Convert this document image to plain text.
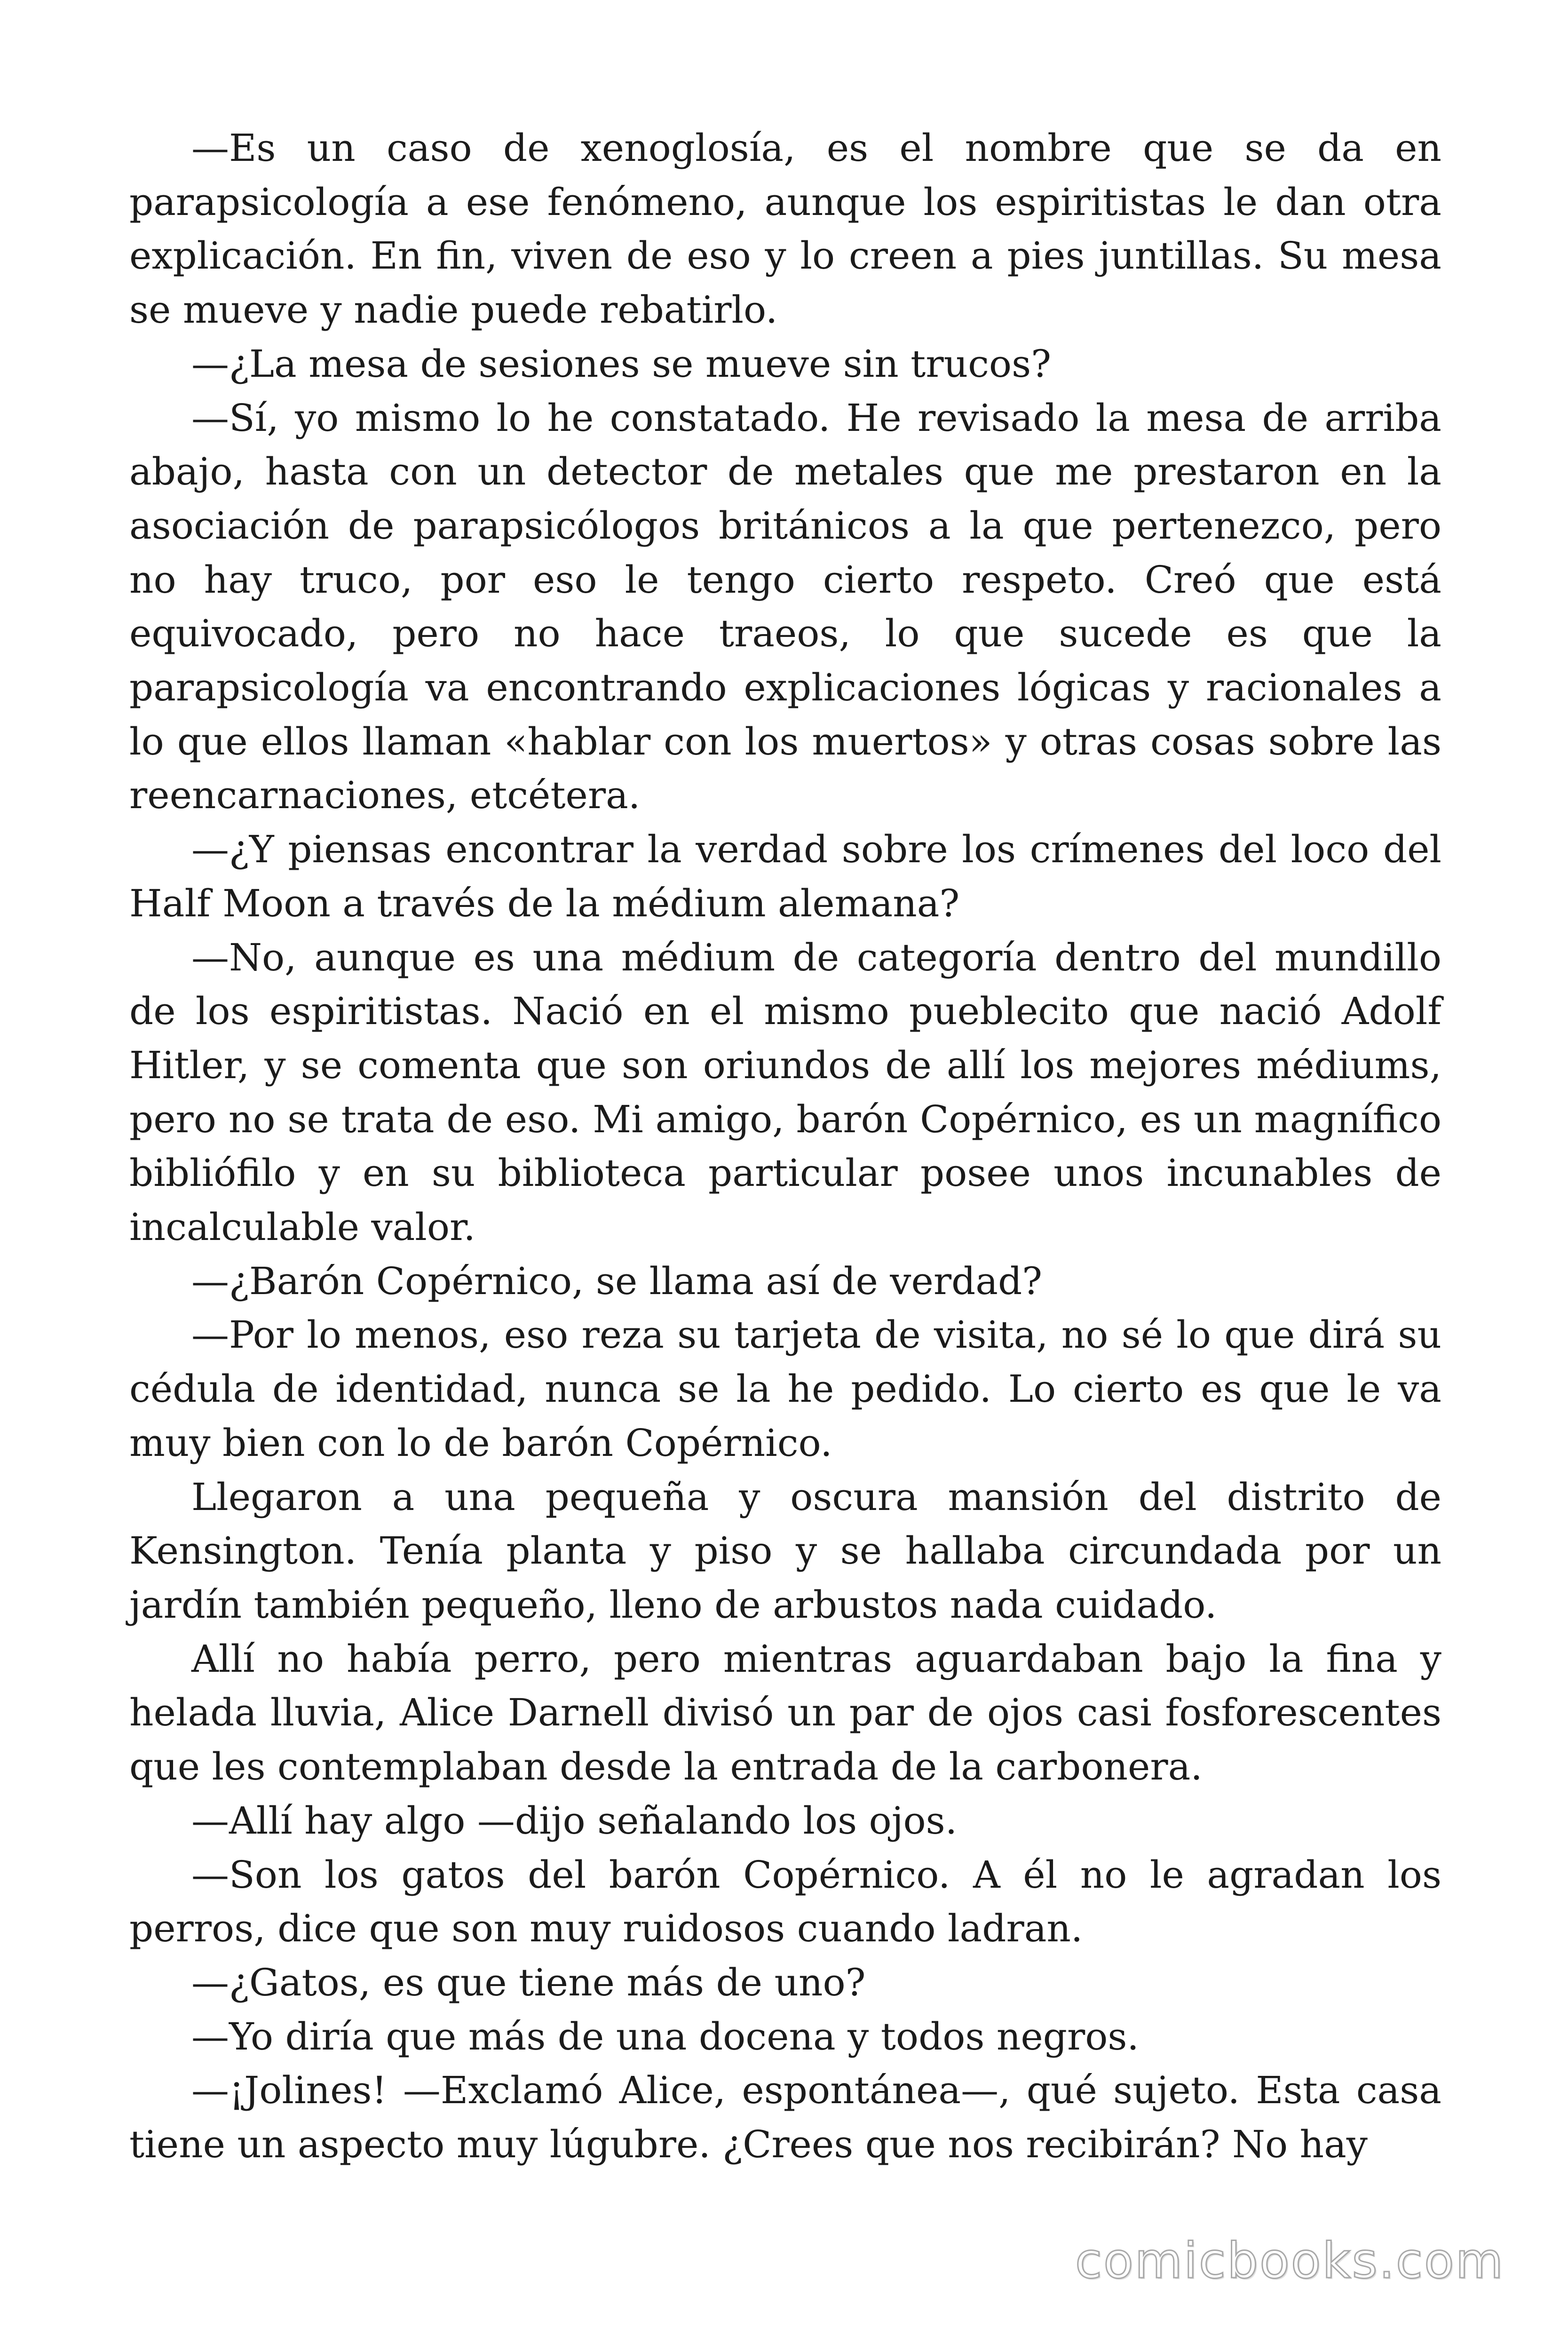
—Es un caso de xenoglosía, es el nombre que se da en parapsicología a ese fenómeno, aunque los espiritistas le dan otra explicación. En fin, viven de eso y lo creen a pies juntillas. Su mesa se mueve y nadie puede rebatirlo.

—¿La mesa de sesiones se mueve sin trucos?

—Sí, yo mismo lo he constatado. He revisado la mesa de arriba abajo, hasta con un detector de metales que me prestaron en la asociación de parapsicólogos británicos a la que pertenezco, pero no hay truco, por eso le tengo cierto respeto. Creó que está equivocado, pero no hace traeos, lo que sucede es que la parapsicología va encontrando explicaciones lógicas y racionales a lo que ellos llaman «hablar con los muertos» y otras cosas sobre las reencarnaciones, etcétera.

—¿Y piensas encontrar la verdad sobre los crímenes del loco del Half Moon a través de la médium alemana?

—No, aunque es una médium de categoría dentro del mundillo de los espiritistas. Nació en el mismo pueblecito que nació Adolf Hitler, y se comenta que son oriundos de allí los mejores médiums, pero no se trata de eso. Mi amigo, barón Copérnico, es un magnífico bibliófilo y en su biblioteca particular posee unos incunables de incalculable valor.

—¿Barón Copérnico, se llama así de verdad?

—Por lo menos, eso reza su tarjeta de visita, no sé lo que dirá su cédula de identidad, nunca se la he pedido. Lo cierto es que le va muy bien con lo de barón Copérnico.

Llegaron a una pequeña y oscura mansión del distrito de Kensington. Tenía planta y piso y se hallaba circundada por un jardín también pequeño, lleno de arbustos nada cuidado.

Allí no había perro, pero mientras aguardaban bajo la fina y helada lluvia, Alice Darnell divisó un par de ojos casi fosforescentes que les contemplaban desde la entrada de la carbonera.

—Allí hay algo —dijo señalando los ojos.

—Son los gatos del barón Copérnico. A él no le agradan los perros, dice que son muy ruidosos cuando ladran.

—¿Gatos, es que tiene más de uno?

—Yo diría que más de una docena y todos negros.

—¡Jolines! —Exclamó Alice, espontánea—, qué sujeto. Esta casa tiene un aspecto muy lúgubre. ¿Crees que nos recibirán? No hay

comicbooks.com
